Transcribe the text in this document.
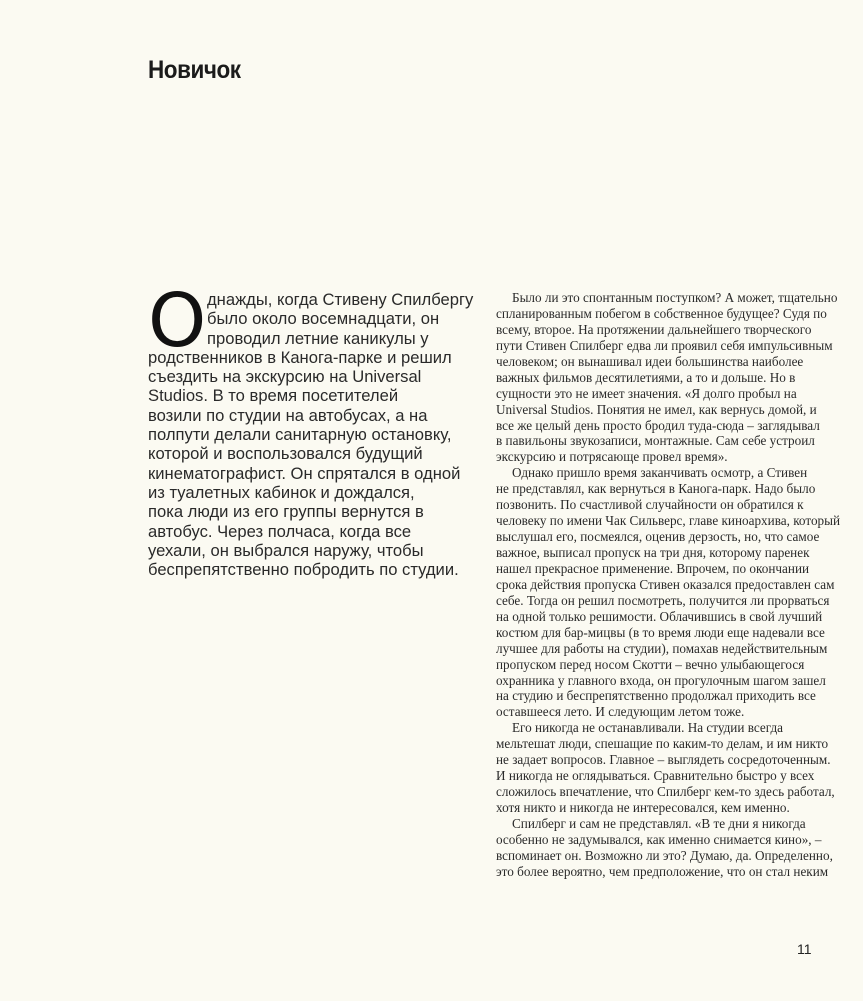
Новичок
О днажды, когда Стивену Спилбергу
было около восемнадцати, он
проводил летние каникулы у
родственников в Канога-парке и решил
съездить на экскурсию на Universal
Studios. В то время посетителей
возили по студии на автобусах, а на
полпути делали санитарную остановку,
которой и воспользовался будущий
кинематографист. Он спрятался в одной
из туалетных кабинок и дождался,
пока люди из его группы вернутся в
автобус. Через полчаса, когда все
уехали, он выбрался наружу, чтобы
беспрепятственно побродить по студии.
Было ли это спонтанным поступком? А может, тщательно
спланированным побегом в собственное будущее? Судя по
всему, второе. На протяжении дальнейшего творческого
пути Стивен Спилберг едва ли проявил себя импульсивным
человеком; он вынашивал идеи большинства наиболее
важных фильмов десятилетиями, а то и дольше. Но в
сущности это не имеет значения. «Я долго пробыл на
Universal Studios. Понятия не имел, как вернусь домой, и
все же целый день просто бродил туда-сюда – заглядывал
в павильоны звукозаписи, монтажные. Сам себе устроил
экскурсию и потрясающе провел время».
Однако пришло время заканчивать осмотр, а Стивен
не представлял, как вернуться в Канога-парк. Надо было
позвонить. По счастливой случайности он обратился к
человеку по имени Чак Сильверс, главе киноархива, который
выслушал его, посмеялся, оценив дерзость, но, что самое
важное, выписал пропуск на три дня, которому паренек
нашел прекрасное применение. Впрочем, по окончании
срока действия пропуска Стивен оказался предоставлен сам
себе. Тогда он решил посмотреть, получится ли прорваться
на одной только решимости. Облачившись в свой лучший
костюм для бар-мицвы (в то время люди еще надевали все
лучшее для работы на студии), помахав недействительным
пропуском перед носом Скотти – вечно улыбающегося
охранника у главного входа, он прогулочным шагом зашел
на студию и беспрепятственно продолжал приходить все
оставшееся лето. И следующим летом тоже.
Его никогда не останавливали. На студии всегда
мельтешат люди, спешащие по каким-то делам, и им никто
не задает вопросов. Главное – выглядеть сосредоточенным.
И никогда не оглядываться. Сравнительно быстро у всех
сложилось впечатление, что Спилберг кем-то здесь работал,
хотя никто и никогда не интересовался, кем именно.
Спилберг и сам не представлял. «В те дни я никогда
особенно не задумывался, как именно снимается кино», –
вспоминает он. Возможно ли это? Думаю, да. Определенно,
это более вероятно, чем предположение, что он стал неким
11
